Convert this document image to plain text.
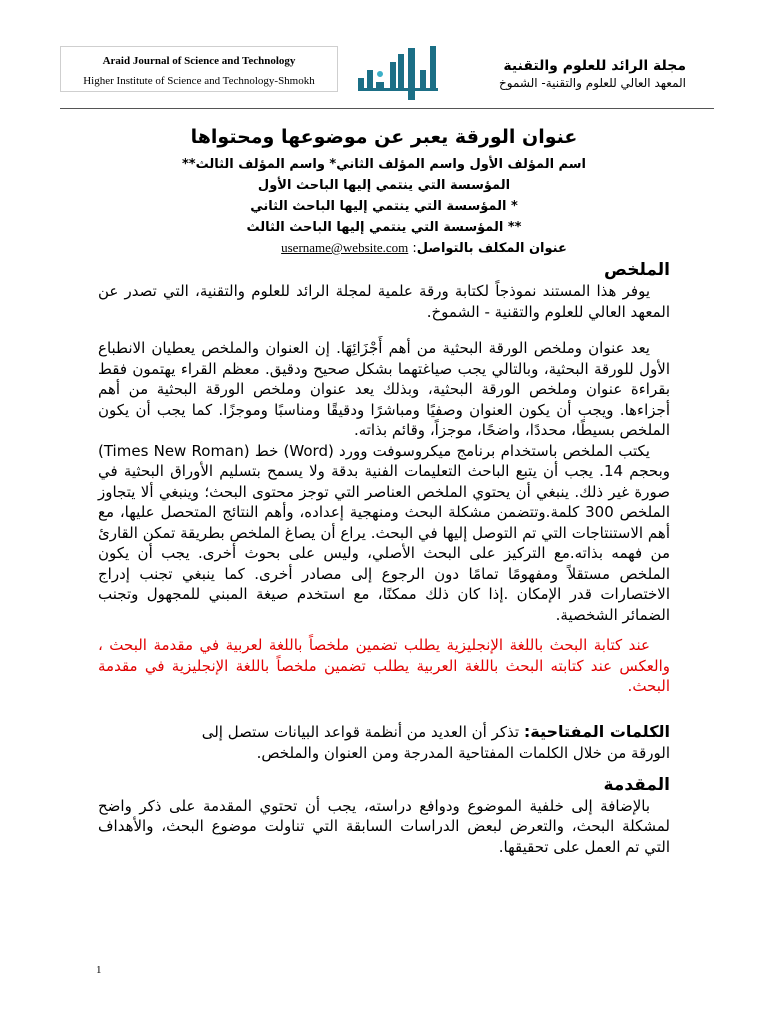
Araid Journal of Science and Technology
Higher Institute of Science and Technology-Shmokh
مجلة الرائد للعلوم والتقنية
المعهد العالي للعلوم والتقنية- الشموخ
عنوان الورقة يعبر عن موضوعها ومحتواها
اسم المؤلف الأول واسم المؤلف الثاني* واسم المؤلف الثالث**
المؤسسة التي ينتمي إليها الباحث الأول
* المؤسسة التي ينتمي إليها الباحث الثاني
** المؤسسة التي ينتمي إليها الباحث الثالث
عنوان المكلف بالتواصل: username@website.com
الملخص

يوفر هذا المستند نموذجاً لكتابة ورقة علمية لمجلة الرائد للعلوم والتقنية، التي تصدر عن المعهد العالي للعلوم والتقنية - الشموخ.

يعد عنوان وملخص الورقة البحثية من أهم أَجْزَائِهَا. إن العنوان والملخص يعطيان الانطباع الأول للورقة البحثية، وبالتالي يجب صياغتهما بشكل صحيح ودقيق. معظم القراء يهتمون فقط بقراءة عنوان وملخص الورقة البحثية، وبذلك يعد عنوان وملخص الورقة البحثية من أهم أجزاءها. ويجب أن يكون العنوان وصفيًا ومباشرًا ودقيقًا ومناسبًا وموجزًا. كما يجب أن يكون الملخص بسيطًا، محددًا، واضحًا، موجزاً، وقائم بذاته.

يكتب الملخص باستخدام برنامج ميكروسوفت وورد (Word) خط (Times New Roman) وبحجم 14. يجب أن يتبع الباحث التعليمات الفنية بدقة ولا يسمح بتسليم الأوراق البحثية في صورة غير ذلك. ينبغي أن يحتوي الملخص العناصر التي توجز محتوى البحث؛ وينبغي ألا يتجاوز الملخص 300 كلمة.وتتضمن مشكلة البحث ومنهجية إعداده، وأهم النتائج المتحصل عليها، مع أهم الاستنتاجات التي تم التوصل إليها في البحث. يراع أن يصاغ الملخص بطريقة تمكن القارئ من فهمه بذاته.مع التركيز على البحث الأصلي، وليس على بحوث أخرى. يجب أن يكون الملخص مستقلاً ومفهومًا تمامًا دون الرجوع إلى مصادر أخرى. كما ينبغي تجنب إدراج الاختصارات قدر الإمكان .إذا كان ذلك ممكنًا، مع استخدم صيغة المبني للمجهول وتجنب الضمائر الشخصية.

عند كتابة البحث باللغة الإنجليزية يطلب تضمين ملخصاً باللغة لعربية في مقدمة البحث ، والعكس عند كتابته البحث باللغة العربية يطلب تضمين ملخصاً باللغة الإنجليزية في مقدمة البحث.

الكلمات المفتاحية: تذكر أن العديد من أنظمة قواعد البيانات ستصل إلى الورقة من خلال الكلمات المفتاحية المدرجة ومن العنوان والملخص.
المقدمة

بالإضافة إلى خلفية الموضوع ودوافع دراسته، يجب أن تحتوي المقدمة على ذكر واضح لمشكلة البحث، والتعرض لبعض الدراسات السابقة التي تناولت موضوع البحث، والأهداف التي تم العمل على تحقيقها.

1
